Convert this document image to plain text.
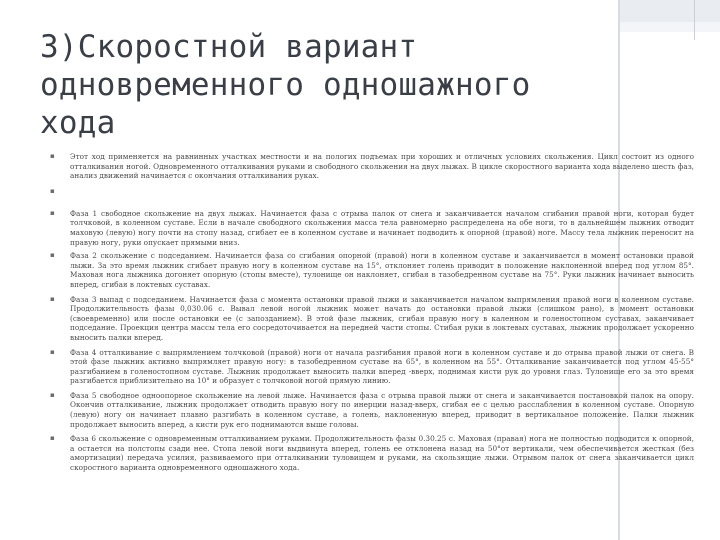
3)Скоростной вариант
одновременного одношажного
хода
▪ Этот ход применяется на равнинных участках местности и на пологих подъемах при хороших и отличных условиях скольжения. Цикл состоит из одного отталкивания ногой. Одновременного отталкивания руками и свободного скольжения на двух лыжах. В цикле скоростного варианта хода выделено шесть фаз, анализ движений начинается с окончания отталкивания руках.
▪
▪ Фаза 1 свободное скольжение на двух лыжах. Начинается фаза с отрыва палок от снега и заканчивается началом сгибания правой ноги, которая будет толчковой, в коленном суставе. Если в начале свободного скольжения масса тела равномерно распределена на обе ноги, то в дальнейшем лыжник отводит маховую (левую) ногу почти на стопу назад, сгибает ее в коленном суставе и начинает подводить к опорной (правой) ноге. Массу тела лыжник переносит на правую ногу, руки опускает прямыми вниз.
▪ Фаза 2 скольжение с подседанием. Начинается фаза со сгибания опорной (правой) ноги в коленном суставе и заканчивается в момент остановки правой лыжи. За это время лыжник сгибает правую ногу в коленном суставе на 15°, отклоняет голень приводит в положение наклоненной вперед под углом 85°. Маховая нога лыжника догоняет опорную (стопы вместе), тулонище он наклоняет, сгибая в тазобедренном суставе на 75°. Руки лыжник начинает выносить вперед, сгибая в локтевых суставах.
▪ Фаза 3 выпад с подседанием. Начинается фаза с момента остановки правой лыжи и заканчивается началом выпрямления правой ноги в коленном суставе. Продолжительность фазы 0,030.06 с. Вывал левой ногой лыжник может начать до остановки правой лыжи (слишком рано), в момент остановки (своевременно) или после остановки ее (с запозданием). В этой фазе лыжник, сгибая правую ногу в каленном и голеностопном суставах, заканчивает подседание. Проекция центра массы тела его сосредоточивается на передней части стопы. Стибая руки в локтевых суставах, лыжник продолжает ускоренно выносить палки вперед.
▪ Фаза 4 отталкивание с выпрямлением толчковой (правой) ноги от начала разгибания правой ноги в коленном суставе и до отрыва правой лыжи от снега. В этой фазе лыжник активно выпрямляет правую ногу: в тазобедренном суставе на 65°, в коленном на 55°. Отталкивание заканчивается под углом 45-55° разгибанием в голеностопном суставе. Лыжник продолжает выносить палки вперед -вверх, поднимая кисти рук до уровня глаз. Тулонище его за это время разгибается приблизительно на 10° и образует с толчковой ногой прямую линию.
▪ Фаза 5 свободное одноопорное скольжение на левой лыже. Начинается фаза с отрыва правой лыжи от снега и заканчивается постановкой палок на опору. Окончив отталкивание, лыжник продолжает отводить правую ногу по инерции назад-вверх, сгибая ее с целью расслабления в коленном суставе. Опорную (левую) ногу он начинает плавно разгибать в коленном суставе, а голень, наклоненную вперед, приводит в вертикальное положение. Палки лыжник продолжает выносить вперед, а кисти рук его поднимаются выше головы.
▪ Фаза 6 скольжение с одновременным отталкиванием руками. Продолжительность фазы 0.30.25 с. Маховая (правая) нога не полностью подводится к опорной, а остается на полстопы сзади нее. Стопа левой ноги выдвинута вперед, голень ее отклонена назад на 50°от вертикали, чем обеспечивается жесткая (без амортизации) передача усилия, развиваемого при отталкивании туловищем и руками, на скользящие лыжи. Отрывом палок от снега заканчивается цикл скоростного варианта одновременного одношажного хода.
